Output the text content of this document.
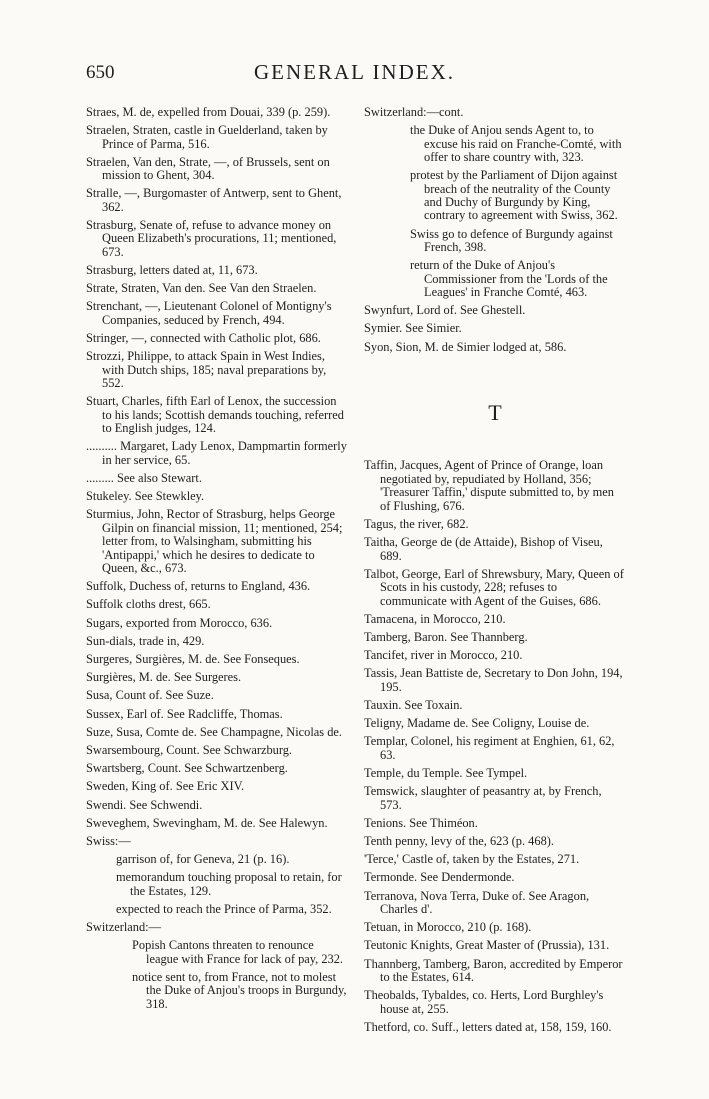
650	GENERAL INDEX.
Straes, M. de, expelled from Douai, 339 (p. 259).
Straelen, Straten, castle in Guelderland, taken by Prince of Parma, 516.
Straelen, Van den, Strate, —, of Brussels, sent on mission to Ghent, 304.
Stralle, —, Burgomaster of Antwerp, sent to Ghent, 362.
Strasburg, Senate of, refuse to advance money on Queen Elizabeth's procurations, 11; mentioned, 673.
Strasburg, letters dated at, 11, 673.
Strate, Straten, Van den. See Van den Straelen.
Strenchant, —, Lieutenant Colonel of Montigny's Companies, seduced by French, 494.
Stringer, —, connected with Catholic plot, 686.
Strozzi, Philippe, to attack Spain in West Indies, with Dutch ships, 185; naval preparations by, 552.
Stuart, Charles, fifth Earl of Lenox, the succession to his lands; Scottish demands touching, referred to English judges, 124.
.......... Margaret, Lady Lenox, Dampmartin formerly in her service, 65.
......... See also Stewart.
Stukeley. See Stewkley.
Sturmius, John, Rector of Strasburg, helps George Gilpin on financial mission, 11; mentioned, 254; letter from, to Walsingham, submitting his 'Antipappi,' which he desires to dedicate to Queen, &c., 673.
Suffolk, Duchess of, returns to England, 436.
Suffolk cloths drest, 665.
Sugars, exported from Morocco, 636.
Sun-dials, trade in, 429.
Surgeres, Surgières, M. de. See Fonseques.
Surgières, M. de. See Surgeres.
Susa, Count of. See Suze.
Sussex, Earl of. See Radcliffe, Thomas.
Suze, Susa, Comte de. See Champagne, Nicolas de.
Swarsembourg, Count. See Schwarzburg.
Swartsberg, Count. See Schwartzenberg.
Sweden, King of. See Eric XIV.
Swendi. See Schwendi.
Sweveghem, Swevingham, M. de. See Halewyn.
Swiss:—
garrison of, for Geneva, 21 (p. 16).
memorandum touching proposal to retain, for the Estates, 129.
expected to reach the Prince of Parma, 352.
Switzerland:—
Popish Cantons threaten to renounce league with France for lack of pay, 232.
notice sent to, from France, not to molest the Duke of Anjou's troops in Burgundy, 318.
Switzerland:—cont.
the Duke of Anjou sends Agent to, to excuse his raid on Franche-Comté, with offer to share country with, 323.
protest by the Parliament of Dijon against breach of the neutrality of the County and Duchy of Burgundy by King, contrary to agreement with Swiss, 362.
Swiss go to defence of Burgundy against French, 398.
return of the Duke of Anjou's Commissioner from the 'Lords of the Leagues' in Franche Comté, 463.
Swynfurt, Lord of. See Ghestell.
Symier. See Simier.
Syon, Sion, M. de Simier lodged at, 586.
T
Taffin, Jacques, Agent of Prince of Orange, loan negotiated by, repudiated by Holland, 356; 'Treasurer Taffin,' dispute submitted to, by men of Flushing, 676.
Tagus, the river, 682.
Taitha, George de (de Attaide), Bishop of Viseu, 689.
Talbot, George, Earl of Shrewsbury, Mary, Queen of Scots in his custody, 228; refuses to communicate with Agent of the Guises, 686.
Tamacena, in Morocco, 210.
Tamberg, Baron. See Thannberg.
Tancifet, river in Morocco, 210.
Tassis, Jean Battiste de, Secretary to Don John, 194, 195.
Tauxin. See Toxain.
Teligny, Madame de. See Coligny, Louise de.
Templar, Colonel, his regiment at Enghien, 61, 62, 63.
Temple, du Temple. See Tympel.
Temswick, slaughter of peasantry at, by French, 573.
Tenions. See Thiméon.
Tenth penny, levy of the, 623 (p. 468).
'Terce,' Castle of, taken by the Estates, 271.
Termonde. See Dendermonde.
Terranova, Nova Terra, Duke of. See Aragon, Charles d'.
Tetuan, in Morocco, 210 (p. 168).
Teutonic Knights, Great Master of (Prussia), 131.
Thannberg, Tamberg, Baron, accredited by Emperor to the Estates, 614.
Theobalds, Tybaldes, co. Herts, Lord Burghley's house at, 255.
Thetford, co. Suff., letters dated at, 158, 159, 160.
